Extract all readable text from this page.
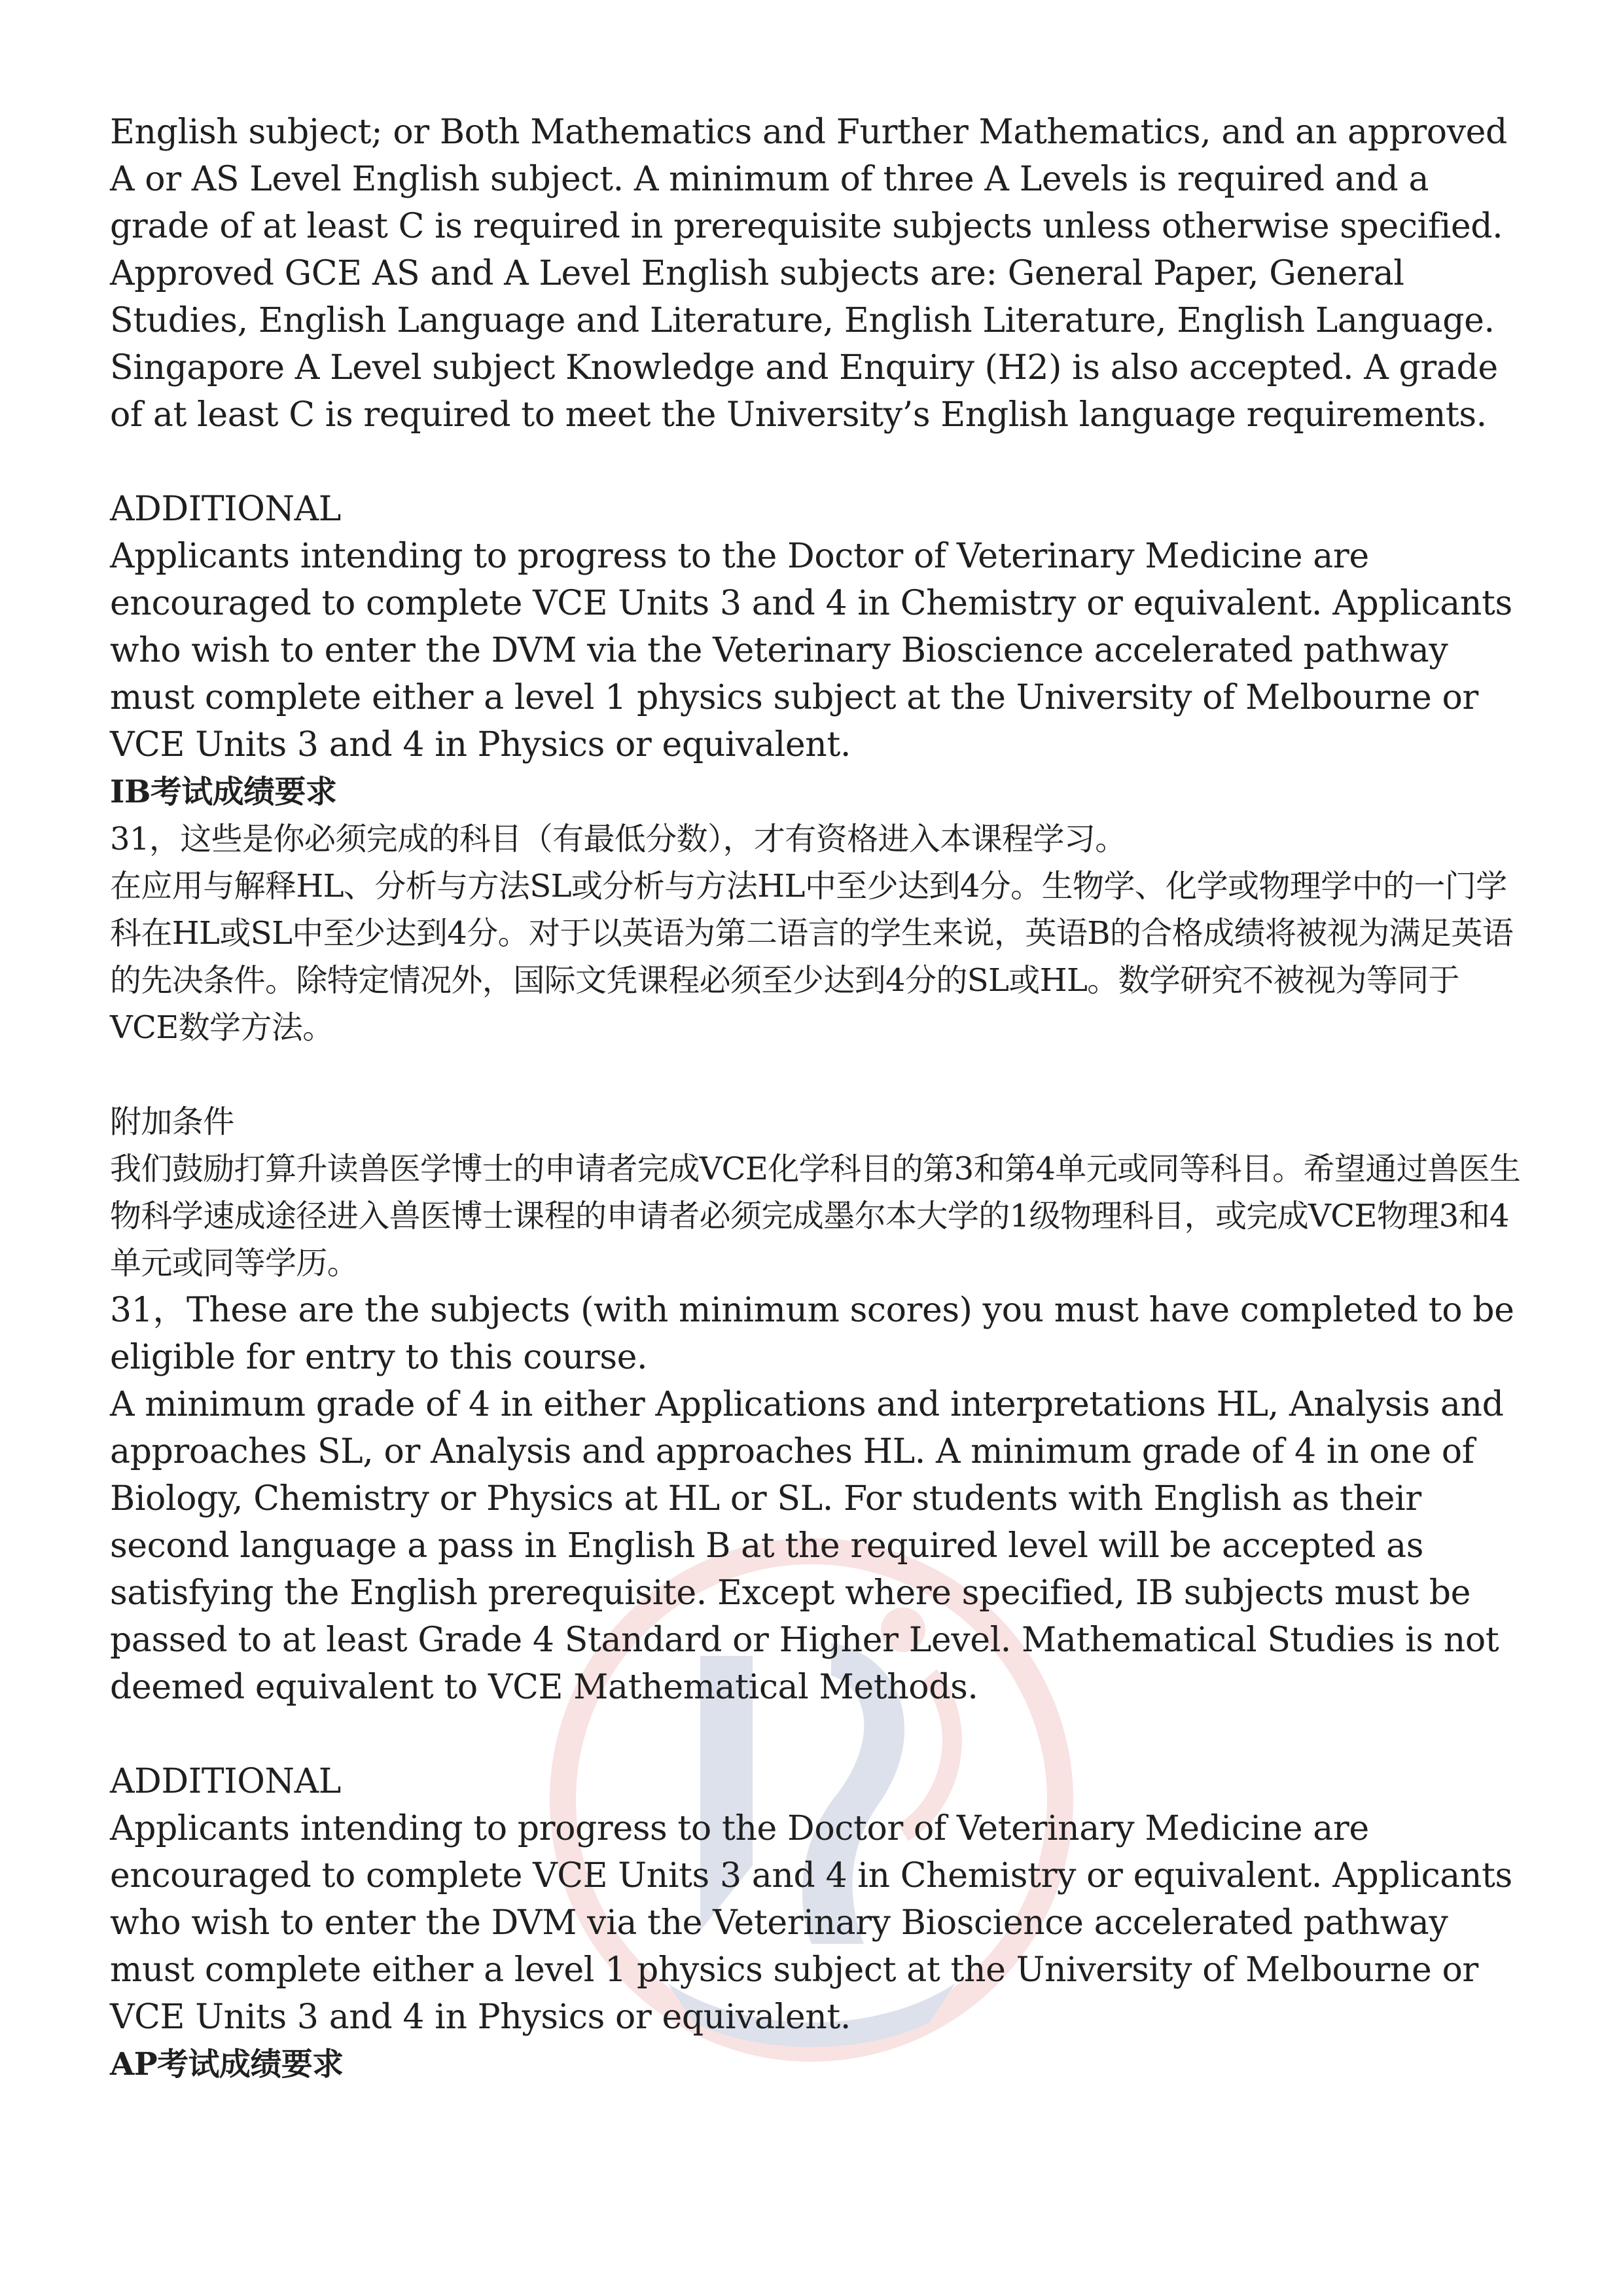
English subject; or Both Mathematics and Further Mathematics, and an approved A or AS Level English subject. A minimum of three A Levels is required and a grade of at least C is required in prerequisite subjects unless otherwise specified. Approved GCE AS and A Level English subjects are: General Paper, General Studies, English Language and Literature, English Literature, English Language. Singapore A Level subject Knowledge and Enquiry (H2) is also accepted. A grade of at least C is required to meet the University’s English language requirements.

ADDITIONAL

Applicants intending to progress to the Doctor of Veterinary Medicine are encouraged to complete VCE Units 3 and 4 in Chemistry or equivalent. Applicants who wish to enter the DVM via the Veterinary Bioscience accelerated pathway must complete either a level 1 physics subject at the University of Melbourne or VCE Units 3 and 4 in Physics or equivalent.

IB考试成绩要求

31，这些是你必须完成的科目（有最低分数），才有资格进入本课程学习。

在应用与解释HL、分析与方法SL或分析与方法HL中至少达到4分。生物学、化学或物理学中的一门学科在HL或SL中至少达到4分。对于以英语为第二语言的学生来说，英语B的合格成绩将被视为满足英语的先决条件。除特定情况外，国际文凭课程必须至少达到4分的SL或HL。数学研究不被视为等同于VCE数学方法。

附加条件

我们鼓励打算升读兽医学博士的申请者完成VCE化学科目的第3和第4单元或同等科目。希望通过兽医生物科学速成途径进入兽医博士课程的申请者必须完成墨尔本大学的1级物理科目，或完成VCE物理3和4单元或同等学历。

31，These are the subjects (with minimum scores) you must have completed to be eligible for entry to this course.

A minimum grade of 4 in either Applications and interpretations HL, Analysis and approaches SL, or Analysis and approaches HL. A minimum grade of 4 in one of Biology, Chemistry or Physics at HL or SL. For students with English as their second language a pass in English B at the required level will be accepted as satisfying the English prerequisite. Except where specified, IB subjects must be passed to at least Grade 4 Standard or Higher Level. Mathematical Studies is not deemed equivalent to VCE Mathematical Methods.

ADDITIONAL

Applicants intending to progress to the Doctor of Veterinary Medicine are encouraged to complete VCE Units 3 and 4 in Chemistry or equivalent. Applicants who wish to enter the DVM via the Veterinary Bioscience accelerated pathway must complete either a level 1 physics subject at the University of Melbourne or VCE Units 3 and 4 in Physics or equivalent.

AP考试成绩要求
